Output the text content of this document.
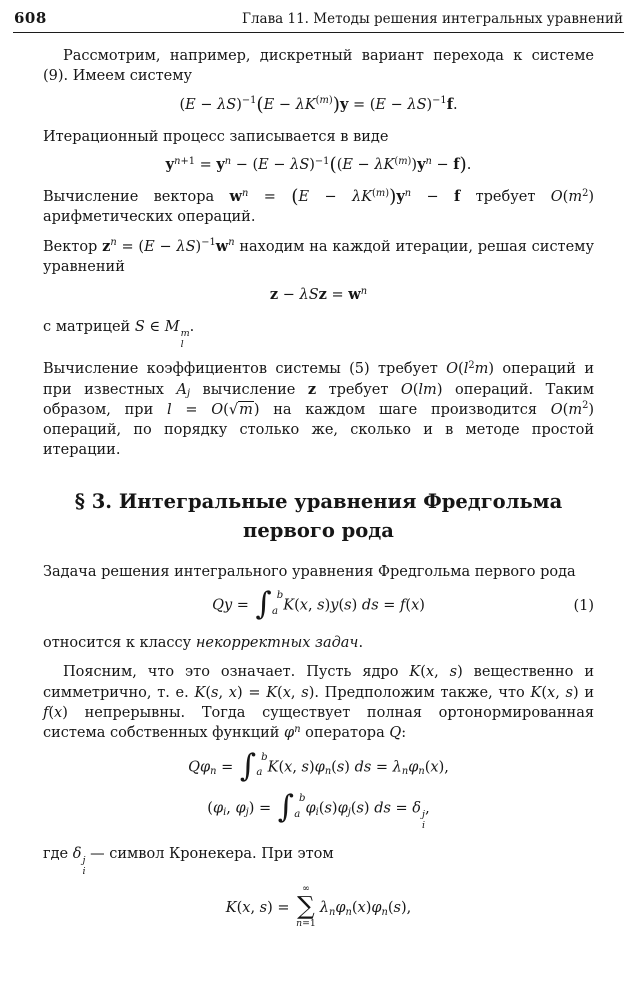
608	Глава 11. Методы решения интегральных уравнений

Рассмотрим, например, дискретный вариант перехода к системе (9). Имеем систему

$(E - \lambda S)^{-1}(E - \lambda K^{(m)})y = (E - \lambda S)^{-1}f$.

Итерационный процесс записывается в виде

$y^{n+1} = y^n - (E - \lambda S)^{-1}((E - \lambda K^{(m)})y^n - f)$.

Вычисление вектора $w^n = (E - \lambda K^{(m)})y^n - f$ требует $O(m^2)$ арифметических операций.

Вектор $z^n = (E - \lambda S)^{-1}w^n$ находим на каждой итерации, решая систему уравнений

$z - \lambda Sz = w^n$

с матрицей S ∈ M m
l
.

Вычисление коэффициентов системы (5) требует $O(l^2m)$ операций и при известных $A_j$ вычисление z требует O(lm) операций. Таким образом, при l = O(√m) на каждом шаге производится $O(m^2)$ операций, по порядку столько же, сколько и в методе простой итерации.

§ 3. Интегральные уравнения Фредгольма
первого рода

Задача решения интегрального уравнения Фредгольма первого рода

Qy = ∫ b
a K(x, s)y(s) ds = f(x)	(1)

относится к классу некорректных задач.

Поясним, что это означает. Пусть ядро K(x, s) вещественно и симметрично, т. е. K(s, x) = K(x, s). Предположим также, что K(x, s) и f(x) непрерывны. Тогда существует полная ортонормированная система собственных функций $\varphi^n$ оператора Q:

$Q\varphi_n$ = ∫ b
a K(x, $s)\varphi_n(s)$ ds = $\lambda_n\varphi_n(x)$,
($\varphi_i$, $\varphi_j$) = ∫ b
a $\varphi_i(s)\varphi_j(s)$ ds = δ j
i
,

где δ j
i
— символ Кронекера. При этом

K(x, s) =
∞
∑
n=1
$\lambda_n\varphi_n(x)\varphi_n(s)$,
